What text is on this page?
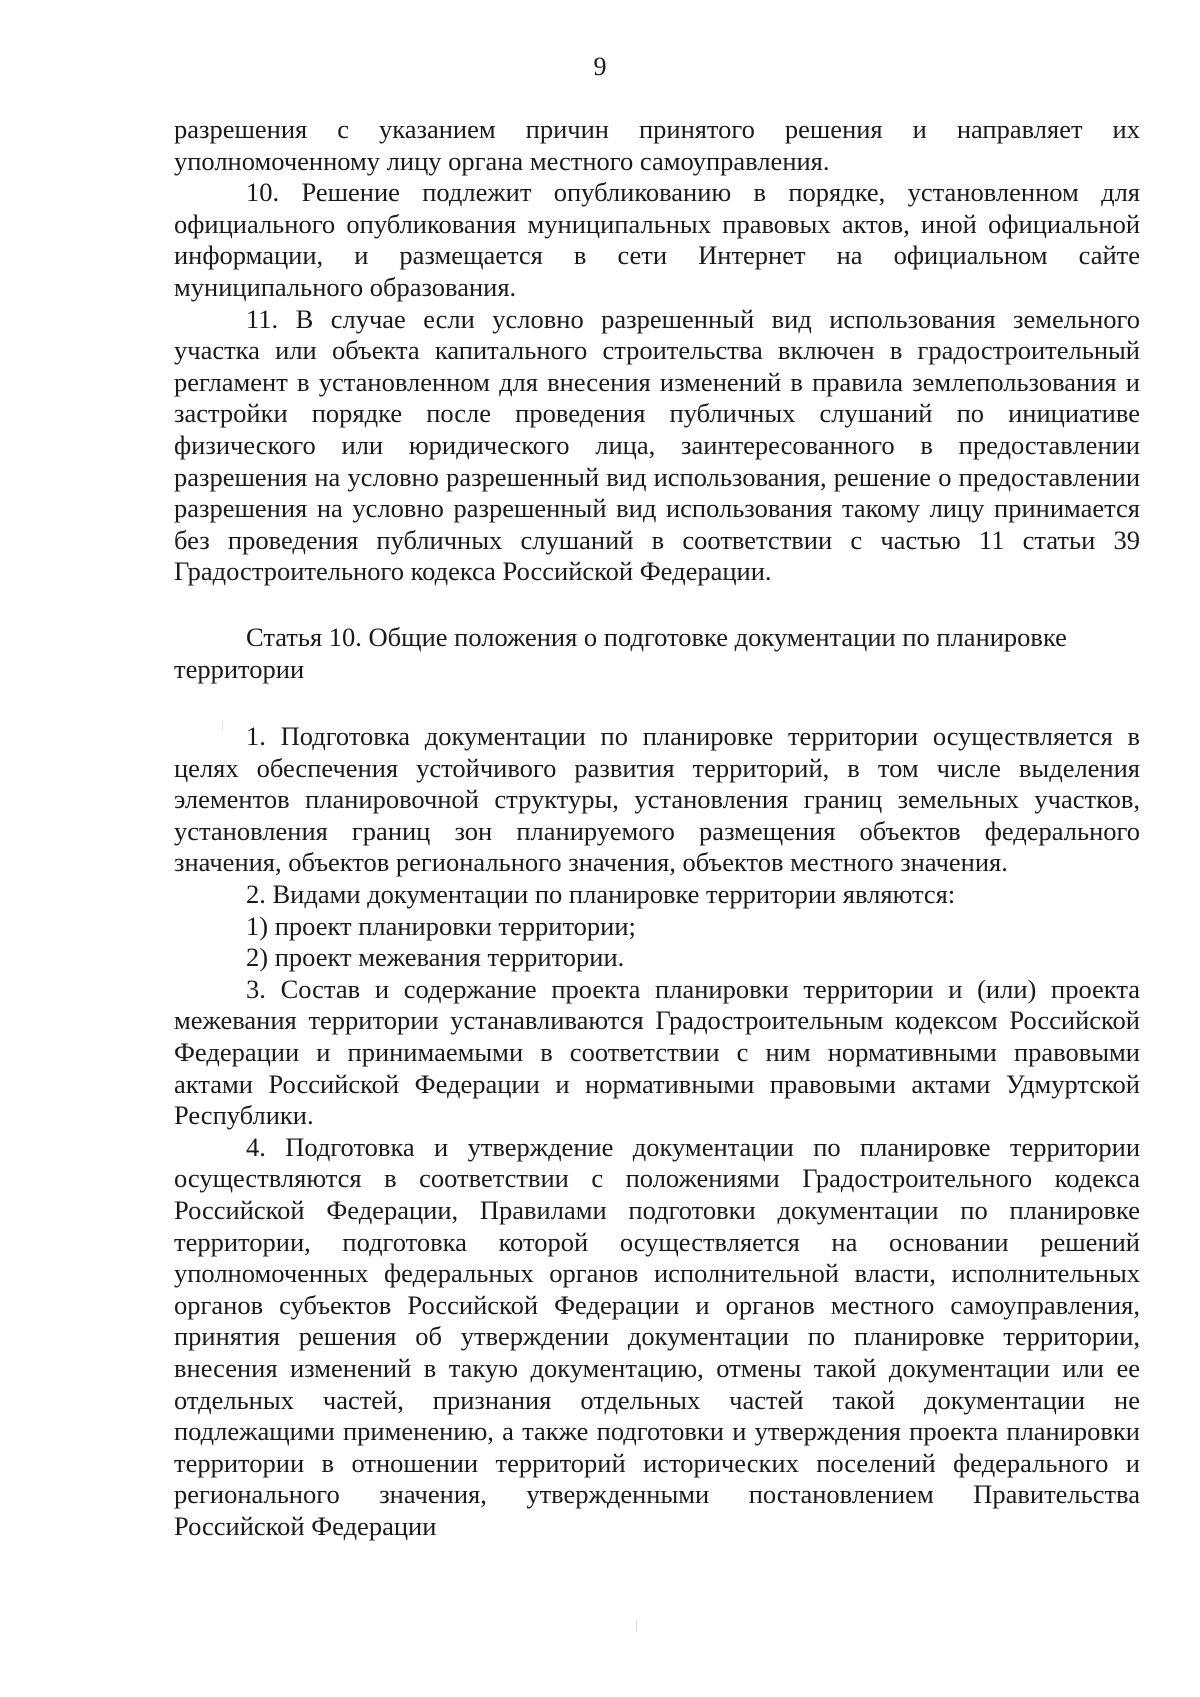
9

разрешения с указанием причин принятого решения и направляет их уполномоченному лицу органа местного самоуправления.

10. Решение подлежит опубликованию в порядке, установленном для официального опубликования муниципальных правовых актов, иной официальной информации, и размещается в сети Интернет на официальном сайте муниципального образования.

11. В случае если условно разрешенный вид использования земельного участка или объекта капитального строительства включен в градостроительный регламент в установленном для внесения изменений в правила землепользования и застройки порядке после проведения публичных слушаний по инициативе физического или юридического лица, заинтересованного в предоставлении разрешения на условно разрешенный вид использования, решение о предоставлении разрешения на условно разрешенный вид использования такому лицу принимается без проведения публичных слушаний в соответствии с частью 11 статьи 39 Градостроительного кодекса Российской Федерации.

Статья 10. Общие положения о подготовке документации по планировке территории

1. Подготовка документации по планировке территории осуществляется в целях обеспечения устойчивого развития территорий, в том числе выделения элементов планировочной структуры, установления границ земельных участков, установления границ зон планируемого размещения объектов федерального значения, объектов регионального значения, объектов местного значения.

2. Видами документации по планировке территории являются:

1) проект планировки территории;

2) проект межевания территории.

3. Состав и содержание проекта планировки территории и (или) проекта межевания территории устанавливаются Градостроительным кодексом Российской Федерации и принимаемыми в соответствии с ним нормативными правовыми актами Российской Федерации и нормативными правовыми актами Удмуртской Республики.

4. Подготовка и утверждение документации по планировке территории осуществляются в соответствии с положениями Градостроительного кодекса Российской Федерации, Правилами подготовки документации по планировке территории, подготовка которой осуществляется на основании решений уполномоченных федеральных органов исполнительной власти, исполнительных органов субъектов Российской Федерации и органов местного самоуправления, принятия решения об утверждении документации по планировке территории, внесения изменений в такую документацию, отмены такой документации или ее отдельных частей, признания отдельных частей такой документации не подлежащими применению, а также подготовки и утверждения проекта планировки территории в отношении территорий исторических поселений федерального и регионального значения, утвержденными постановлением Правительства Российской Федерации
